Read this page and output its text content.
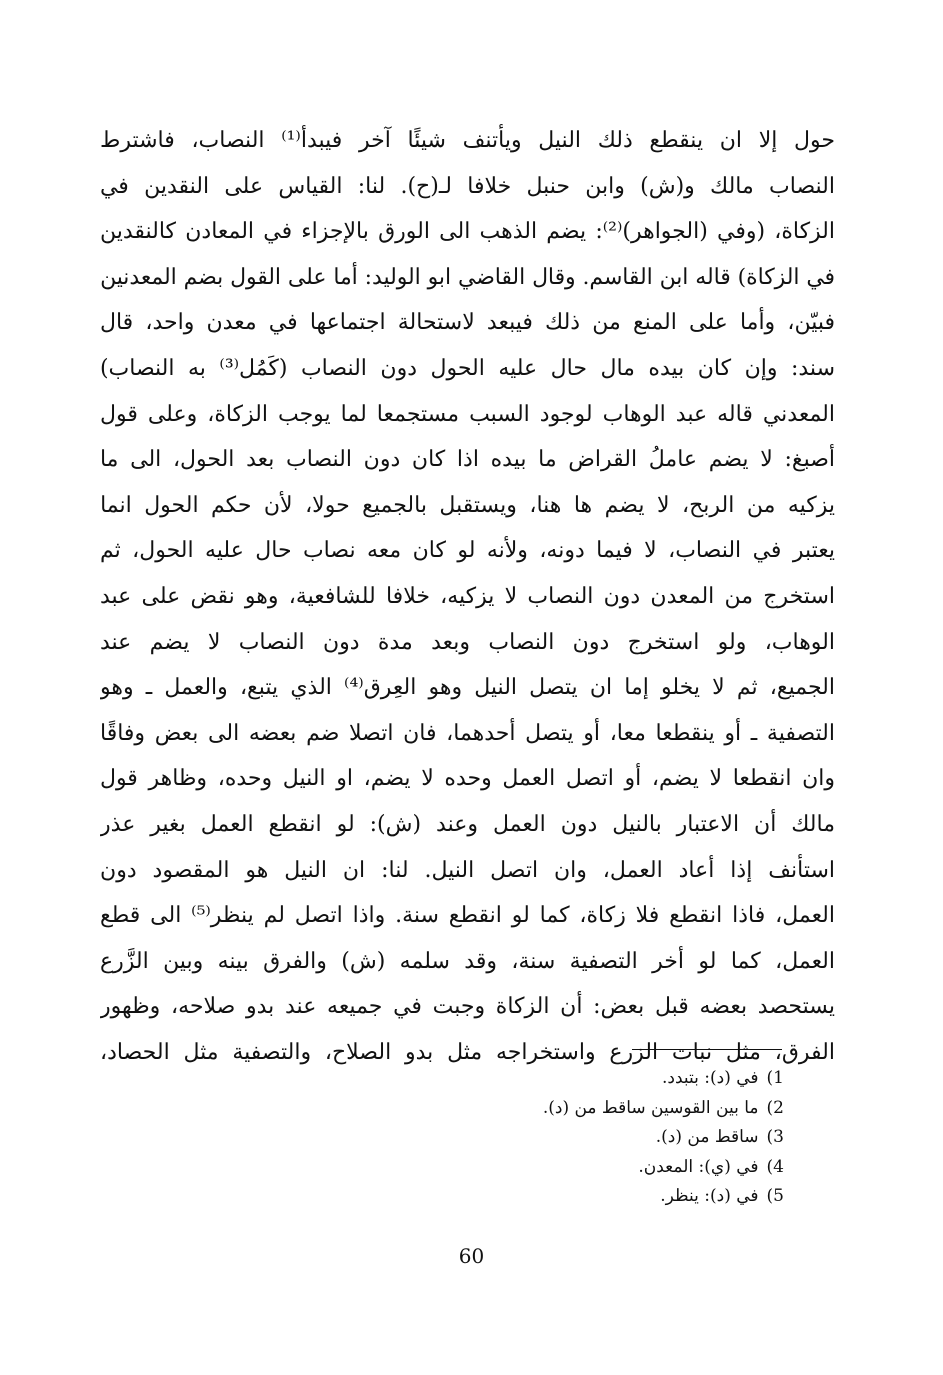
حول إلا ان ينقطع ذلك النيل ويأتنف شيئًا آخر فيبدأ⁽¹⁾ النصاب، فاشترط
النصاب مالك و(ش) وابن حنبل خلافا لـ(ح). لنا: القياس على النقدين في
الزكاة، (وفي (الجواهر)⁽²⁾: يضم الذهب الى الورق بالإجزاء في المعادن كالنقدين
في الزكاة) قاله ابن القاسم. وقال القاضي ابو الوليد: أما على القول بضم المعدنين
فبيّن، وأما على المنع من ذلك فيبعد لاستحالة اجتماعها في معدن واحد، قال
سند: وإن كان بيده مال حال عليه الحول دون النصاب (كَمُل⁽³⁾ به النصاب)
المعدني قاله عبد الوهاب لوجود السبب مستجمعا لما يوجب الزكاة، وعلى قول
أصبغ: لا يضم عاملُ القراض ما بيده اذا كان دون النصاب بعد الحول، الى ما
يزكيه من الربح، لا يضم ها هنا، ويستقبل بالجميع حولا، لأن حكم الحول انما
يعتبر في النصاب، لا فيما دونه، ولأنه لو كان معه نصاب حال عليه الحول، ثم
استخرج من المعدن دون النصاب لا يزكيه، خلافا للشافعية، وهو نقض على عبد
الوهاب، ولو استخرج دون النصاب وبعد مدة دون النصاب لا يضم عند
الجميع، ثم لا يخلو إما ان يتصل النيل وهو العِرق⁽⁴⁾ الذي يتبع، والعمل ـ وهو
التصفية ـ أو ينقطعا معا، أو يتصل أحدهما، فان اتصلا ضم بعضه الى بعض وفاقًا
وان انقطعا لا يضم، أو اتصل العمل وحده لا يضم، او النيل وحده، وظاهر قول
مالك أن الاعتبار بالنيل دون العمل وعند (ش): لو انقطع العمل بغير عذر
استأنف إذا أعاد العمل، وان اتصل النيل. لنا: ان النيل هو المقصود دون
العمل، فاذا انقطع فلا زكاة، كما لو انقطع سنة. واذا اتصل لم ينظر⁽⁵⁾ الى قطع
العمل، كما لو أخر التصفية سنة، وقد سلمه (ش) والفرق بينه وبين الزَّرع
يستحصد بعضه قبل بعض: أن الزكاة وجبت في جميعه عند بدو صلاحه، وظهور
الفرق، مثل نبات الزرع واستخراجه مثل بدو الصلاح، والتصفية مثل الحصاد،
1)في (د): بتبدد.
2)ما بين القوسين ساقط من (د).
3)ساقط من (د).
4)في (ي): المعدن.
5)في (د): ينظر.
60
